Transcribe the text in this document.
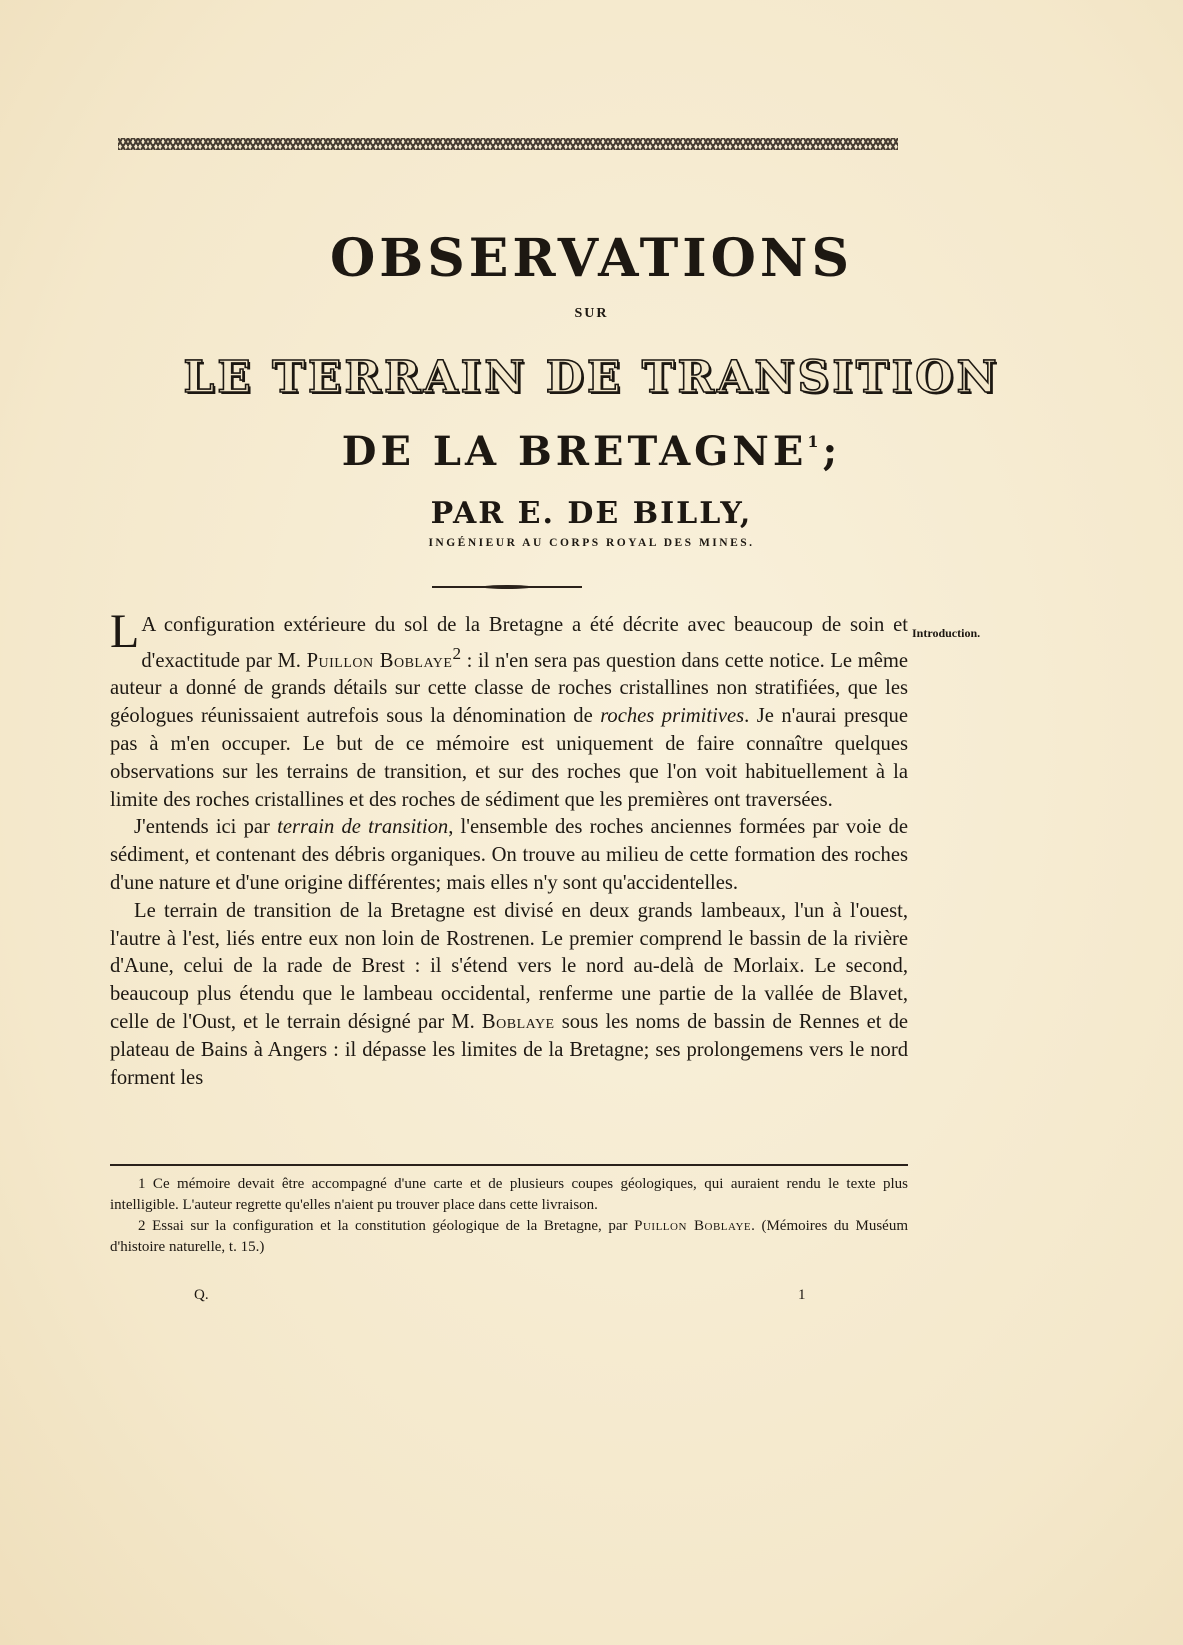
OBSERVATIONS
SUR
LE TERRAIN DE TRANSITION
DE LA BRETAGNE$^1$;
PAR E. DE BILLY,
INGÉNIEUR AU CORPS ROYAL DES MINES.
Introduction.

L A configuration extérieure du sol de la Bretagne a été décrite avec beaucoup de soin et d'exactitude par M. Puillon Boblaye$^2$ : il n'en sera pas question dans cette notice. Le même auteur a donné de grands détails sur cette classe de roches cristallines non stratifiées, que les géologues réunissaient autrefois sous la dénomination de roches primitives. Je n'aurai presque pas à m'en occuper. Le but de ce mémoire est uniquement de faire connaître quelques observations sur les terrains de transition, et sur des roches que l'on voit habituellement à la limite des roches cristallines et des roches de sédiment que les premières ont traversées.

J'entends ici par terrain de transition, l'ensemble des roches anciennes formées par voie de sédiment, et contenant des débris organiques. On trouve au milieu de cette formation des roches d'une nature et d'une origine différentes; mais elles n'y sont qu'accidentelles.

Le terrain de transition de la Bretagne est divisé en deux grands lambeaux, l'un à l'ouest, l'autre à l'est, liés entre eux non loin de Rostrenen. Le premier comprend le bassin de la rivière d'Aune, celui de la rade de Brest : il s'étend vers le nord au-delà de Morlaix. Le second, beaucoup plus étendu que le lambeau occidental, renferme une partie de la vallée de Blavet, celle de l'Oust, et le terrain désigné par M. Boblaye sous les noms de bassin de Rennes et de plateau de Bains à Angers : il dépasse les limites de la Bretagne; ses prolongemens vers le nord forment les

1 Ce mémoire devait être accompagné d'une carte et de plusieurs coupes géologiques, qui auraient rendu le texte plus intelligible. L'auteur regrette qu'elles n'aient pu trouver place dans cette livraison.

2 Essai sur la configuration et la constitution géologique de la Bretagne, par Puillon Boblaye. (Mémoires du Muséum d'histoire naturelle, t. 15.)

Q.	1
